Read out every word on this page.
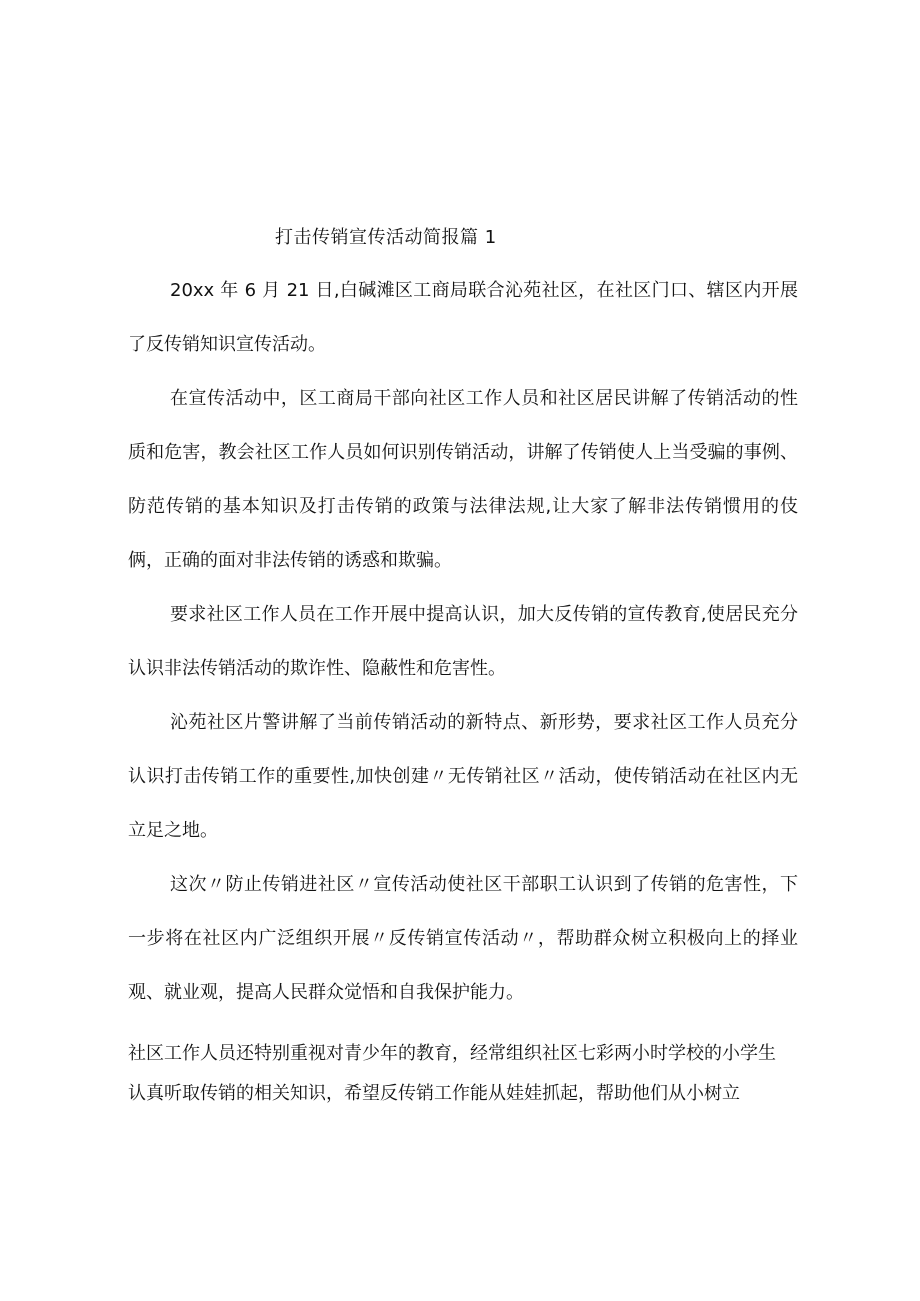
打击传销宣传活动简报篇 1

20xx 年 6 月 21 日,白碱滩区工商局联合沁苑社区，在社区门口、辖区内开展了反传销知识宣传活动。

在宣传活动中，区工商局干部向社区工作人员和社区居民讲解了传销活动的性质和危害，教会社区工作人员如何识别传销活动，讲解了传销使人上当受骗的事例、防范传销的基本知识及打击传销的政策与法律法规,让大家了解非法传销惯用的伎俩，正确的面对非法传销的诱惑和欺骗。

要求社区工作人员在工作开展中提高认识，加大反传销的宣传教育,使居民充分认识非法传销活动的欺诈性、隐蔽性和危害性。

沁苑社区片警讲解了当前传销活动的新特点、新形势，要求社区工作人员充分认识打击传销工作的重要性,加快创建〃无传销社区〃活动，使传销活动在社区内无立足之地。

这次〃防止传销进社区〃宣传活动使社区干部职工认识到了传销的危害性，下一步将在社区内广泛组织开展〃反传销宣传活动〃，帮助群众树立积极向上的择业观、就业观，提高人民群众觉悟和自我保护能力。

社区工作人员还特别重视对青少年的教育，经常组织社区七彩两小时学校的小学生认真听取传销的相关知识，希望反传销工作能从娃娃抓起，帮助他们从小树立
